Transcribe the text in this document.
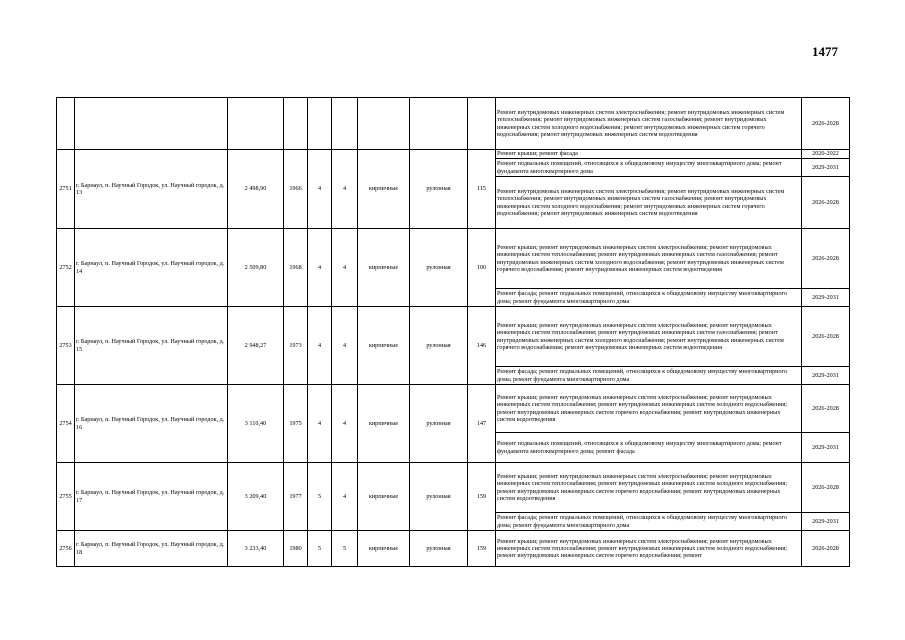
1477
									Ремонт внутридомовых инженерных систем электроснабжения; ремонт внутридомовых инженерных систем теплоснабжения; ремонт внутридомовых инженерных систем газоснабжения; ремонт внутридомовых инженерных систем холодного водоснабжения; ремонт внутридомовых инженерных систем горячего водоснабжения; ремонт внутридомовых инженерных систем водоотведения	2026-2028
2751	г. Барнаул, п. Научный Городок, ул. Научный городок, д. 13	2 498,90	1966	4	4	кирпичные	рулонная	115	Ремонт крыши; ремонт фасада	2020-2022
									Ремонт подвальных помещений, относящихся к общедомовому имуществу многоквартирного дома; ремонт фундамента многоквартирного дома	2029-2031
									Ремонт внутридомовых инженерных систем электроснабжения; ремонт внутридомовых инженерных систем теплоснабжения; ремонт внутридомовых инженерных систем газоснабжения; ремонт внутридомовых инженерных систем холодного водоснабжения; ремонт внутридомовых инженерных систем горячего водоснабжения; ремонт внутридомовых инженерных систем водоотведения	2026-2028
2752	г. Барнаул, п. Научный Городок, ул. Научный городок, д. 14	2 509,80	1968	4	4	кирпичные	рулонная	100	Ремонт крыши; ремонт внутридомовых инженерных систем электроснабжения; ремонт внутридомовых инженерных систем теплоснабжения; ремонт внутридомовых инженерных систем газоснабжения; ремонт внутридомовых инженерных систем холодного водоснабжения; ремонт внутридомовых инженерных систем горячего водоснабжения; ремонт внутридомовых инженерных систем водоотведения	2026-2028
									Ремонт фасада; ремонт подвальных помещений, относящихся к общедомовому имуществу многоквартирного дома; ремонт фундамента многоквартирного дома	2029-2031
2753	г. Барнаул, п. Научный Городок, ул. Научный городок, д. 15	2 948,27	1973	4	4	кирпичные	рулонная	146	Ремонт крыши; ремонт внутридомовых инженерных систем электроснабжения; ремонт внутридомовых инженерных систем теплоснабжения; ремонт внутридомовых инженерных систем газоснабжения; ремонт внутридомовых инженерных систем холодного водоснабжения; ремонт внутридомовых инженерных систем горячего водоснабжения; ремонт внутридомовых инженерных систем водоотведения	2026-2028
									Ремонт фасада; ремонт подвальных помещений, относящихся к общедомовому имуществу многоквартирного дома; ремонт фундамента многоквартирного дома	2029-2031
2754	г. Барнаул, п. Научный Городок, ул. Научный городок, д. 16	3 110,40	1975	4	4	кирпичные	рулонная	147	Ремонт крыши; ремонт внутридомовых инженерных систем электроснабжения; ремонт внутридомовых инженерных систем теплоснабжения; ремонт внутридомовых инженерных систем холодного водоснабжения; ремонт внутридомовых инженерных систем горячего водоснабжения; ремонт внутридомовых инженерных систем водоотведения	2026-2028
									Ремонт подвальных помещений, относящихся к общедомовому имуществу многоквартирного дома; ремонт фундамента многоквартирного дома; ремонт фасада	2029-2031
2755	г. Барнаул, п. Научный Городок, ул. Научный городок, д. 17	3 209,40	1977	5	4	кирпичные	рулонная	159	Ремонт крыши; ремонт внутридомовых инженерных систем электроснабжения; ремонт внутридомовых инженерных систем теплоснабжения; ремонт внутридомовых инженерных систем холодного водоснабжения; ремонт внутридомовых инженерных систем горячего водоснабжения; ремонт внутридомовых инженерных систем водоотведения	2026-2028
									Ремонт фасада; ремонт подвальных помещений, относящихся к общедомовому имуществу многоквартирного дома; ремонт фундамента многоквартирного дома	2029-2031
2756	г. Барнаул, п. Научный Городок, ул. Научный городок, д. 18	3 233,40	1980	5	5	кирпичные	рулонная	159	Ремонт крыши; ремонт внутридомовых инженерных систем электроснабжения; ремонт внутридомовых инженерных систем теплоснабжения; ремонт внутридомовых инженерных систем холодного водоснабжения; ремонт внутридомовых инженерных систем горячего водоснабжения; ремонт	2026-2028
